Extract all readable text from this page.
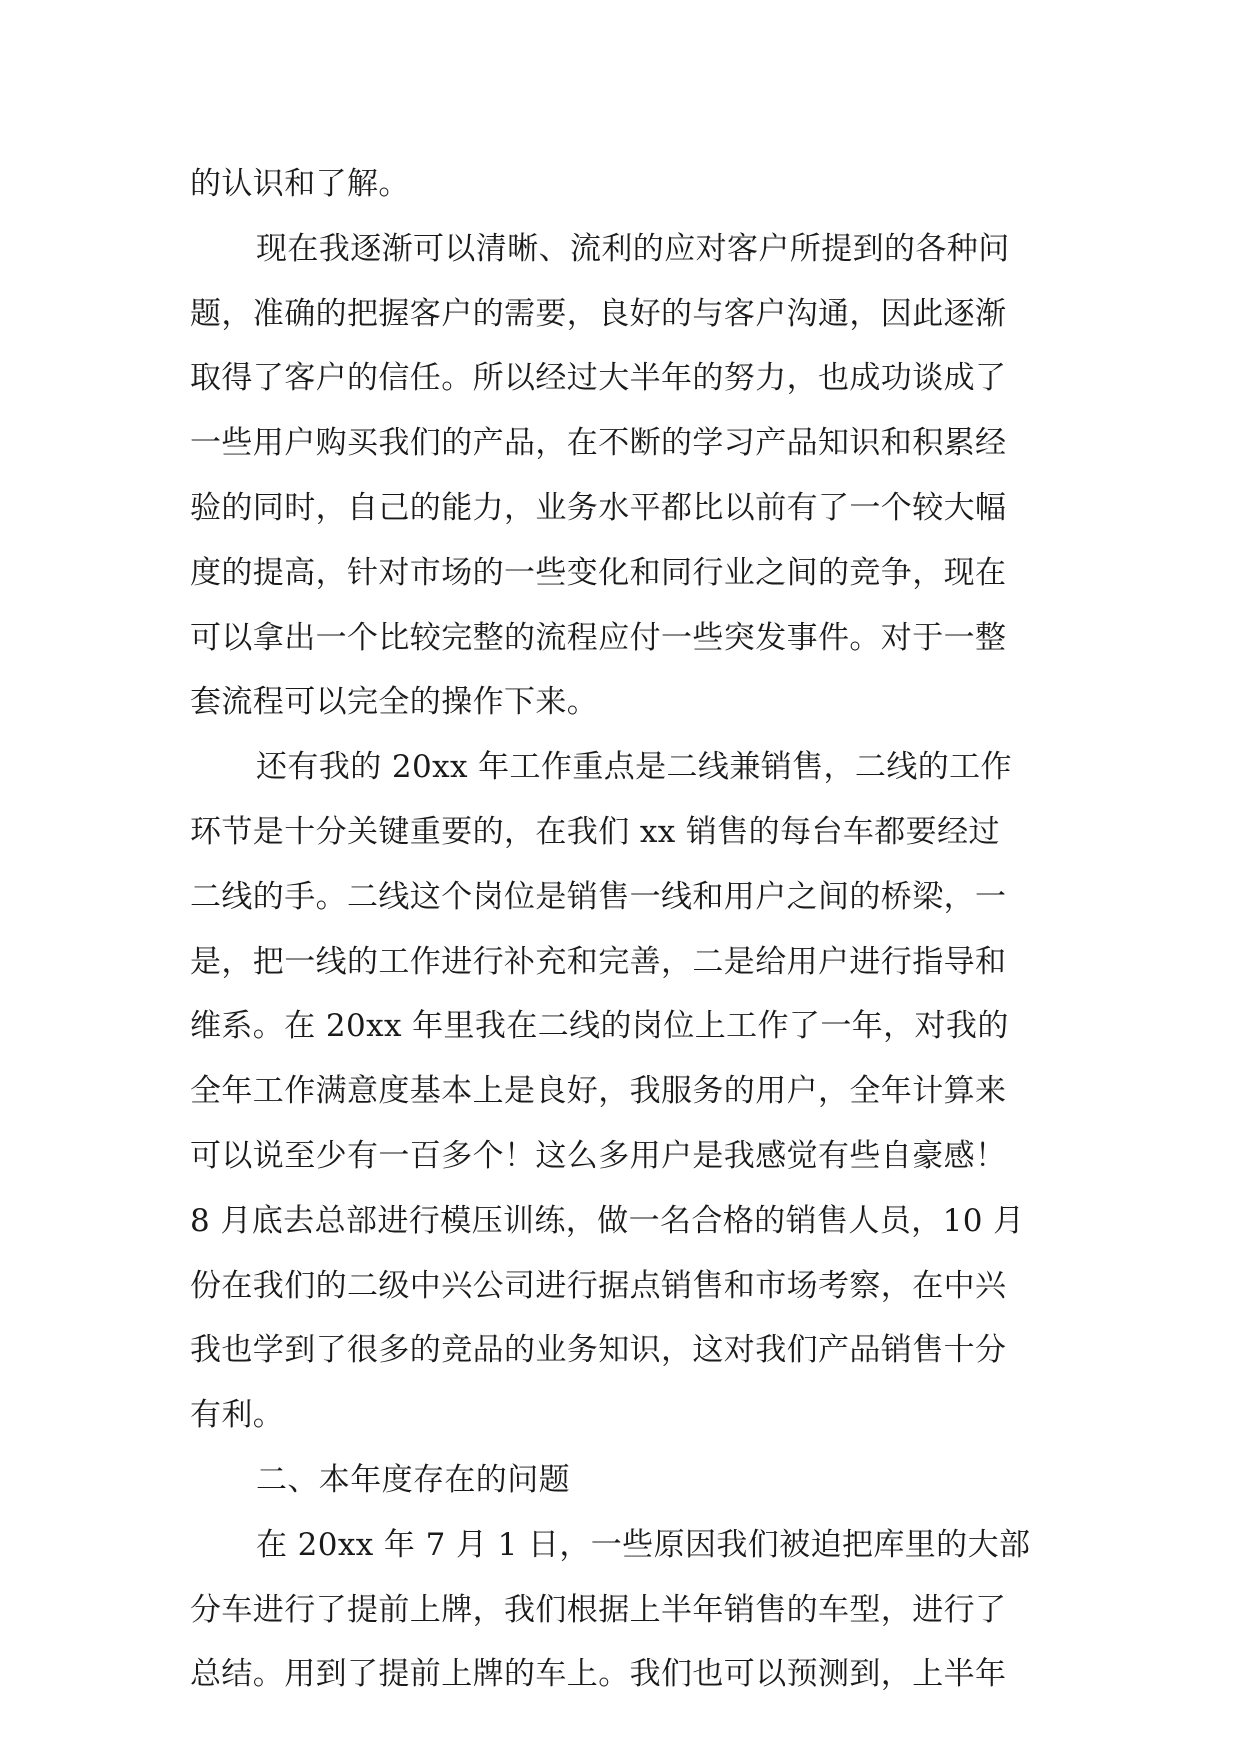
的认识和了解。
现在我逐渐可以清晰、流利的应对客户所提到的各种问
题，准确的把握客户的需要，良好的与客户沟通，因此逐渐
取得了客户的信任。所以经过大半年的努力，也成功谈成了
一些用户购买我们的产品，在不断的学习产品知识和积累经
验的同时，自己的能力，业务水平都比以前有了一个较大幅
度的提高，针对市场的一些变化和同行业之间的竞争，现在
可以拿出一个比较完整的流程应付一些突发事件。对于一整
套流程可以完全的操作下来。
还有我的 20xx 年工作重点是二线兼销售，二线的工作
环节是十分关键重要的，在我们 xx 销售的每台车都要经过
二线的手。二线这个岗位是销售一线和用户之间的桥梁，一
是，把一线的工作进行补充和完善，二是给用户进行指导和
维系。在 20xx 年里我在二线的岗位上工作了一年，对我的
全年工作满意度基本上是良好，我服务的用户，全年计算来
可以说至少有一百多个！这么多用户是我感觉有些自豪感！
8 月底去总部进行模压训练，做一名合格的销售人员，10 月
份在我们的二级中兴公司进行据点销售和市场考察，在中兴
我也学到了很多的竞品的业务知识，这对我们产品销售十分
有利。
二、本年度存在的问题
在 20xx 年 7 月 1 日，一些原因我们被迫把库里的大部
分车进行了提前上牌，我们根据上半年销售的车型，进行了
总结。用到了提前上牌的车上。我们也可以预测到，上半年
